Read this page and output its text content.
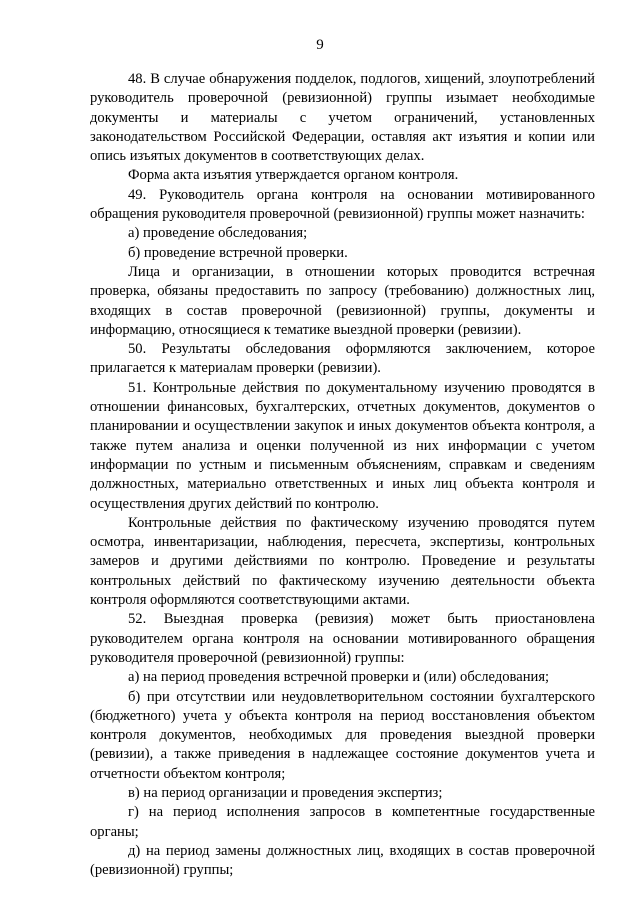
9

48. В случае обнаружения подделок, подлогов, хищений, злоупотреблений руководитель проверочной (ревизионной) группы изымает необходимые документы и материалы с учетом ограничений, установленных законодательством Российской Федерации, оставляя акт изъятия и копии или опись изъятых документов в соответствующих делах.

Форма акта изъятия утверждается органом контроля.

49. Руководитель органа контроля на основании мотивированного обращения руководителя проверочной (ревизионной) группы может назначить:

а) проведение обследования;

б) проведение встречной проверки.

Лица и организации, в отношении которых проводится встречная проверка, обязаны предоставить по запросу (требованию) должностных лиц, входящих в состав проверочной (ревизионной) группы, документы и информацию, относящиеся к тематике выездной проверки (ревизии).

50. Результаты обследования оформляются заключением, которое прилагается к материалам проверки (ревизии).

51. Контрольные действия по документальному изучению проводятся в отношении финансовых, бухгалтерских, отчетных документов, документов о планировании и осуществлении закупок и иных документов объекта контроля, а также путем анализа и оценки полученной из них информации с учетом информации по устным и письменным объяснениям, справкам и сведениям должностных, материально ответственных и иных лиц объекта контроля и осуществления других действий по контролю.

Контрольные действия по фактическому изучению проводятся путем осмотра, инвентаризации, наблюдения, пересчета, экспертизы, контрольных замеров и другими действиями по контролю. Проведение и результаты контрольных действий по фактическому изучению деятельности объекта контроля оформляются соответствующими актами.

52. Выездная проверка (ревизия) может быть приостановлена руководителем органа контроля на основании мотивированного обращения руководителя проверочной (ревизионной) группы:

а) на период проведения встречной проверки и (или) обследования;

б) при отсутствии или неудовлетворительном состоянии бухгалтерского (бюджетного) учета у объекта контроля на период восстановления объектом контроля документов, необходимых для проведения выездной проверки (ревизии), а также приведения в надлежащее состояние документов учета и отчетности объектом контроля;

в) на период организации и проведения экспертиз;

г) на период исполнения запросов в компетентные государственные органы;

д) на период замены должностных лиц, входящих в состав проверочной (ревизионной) группы;
